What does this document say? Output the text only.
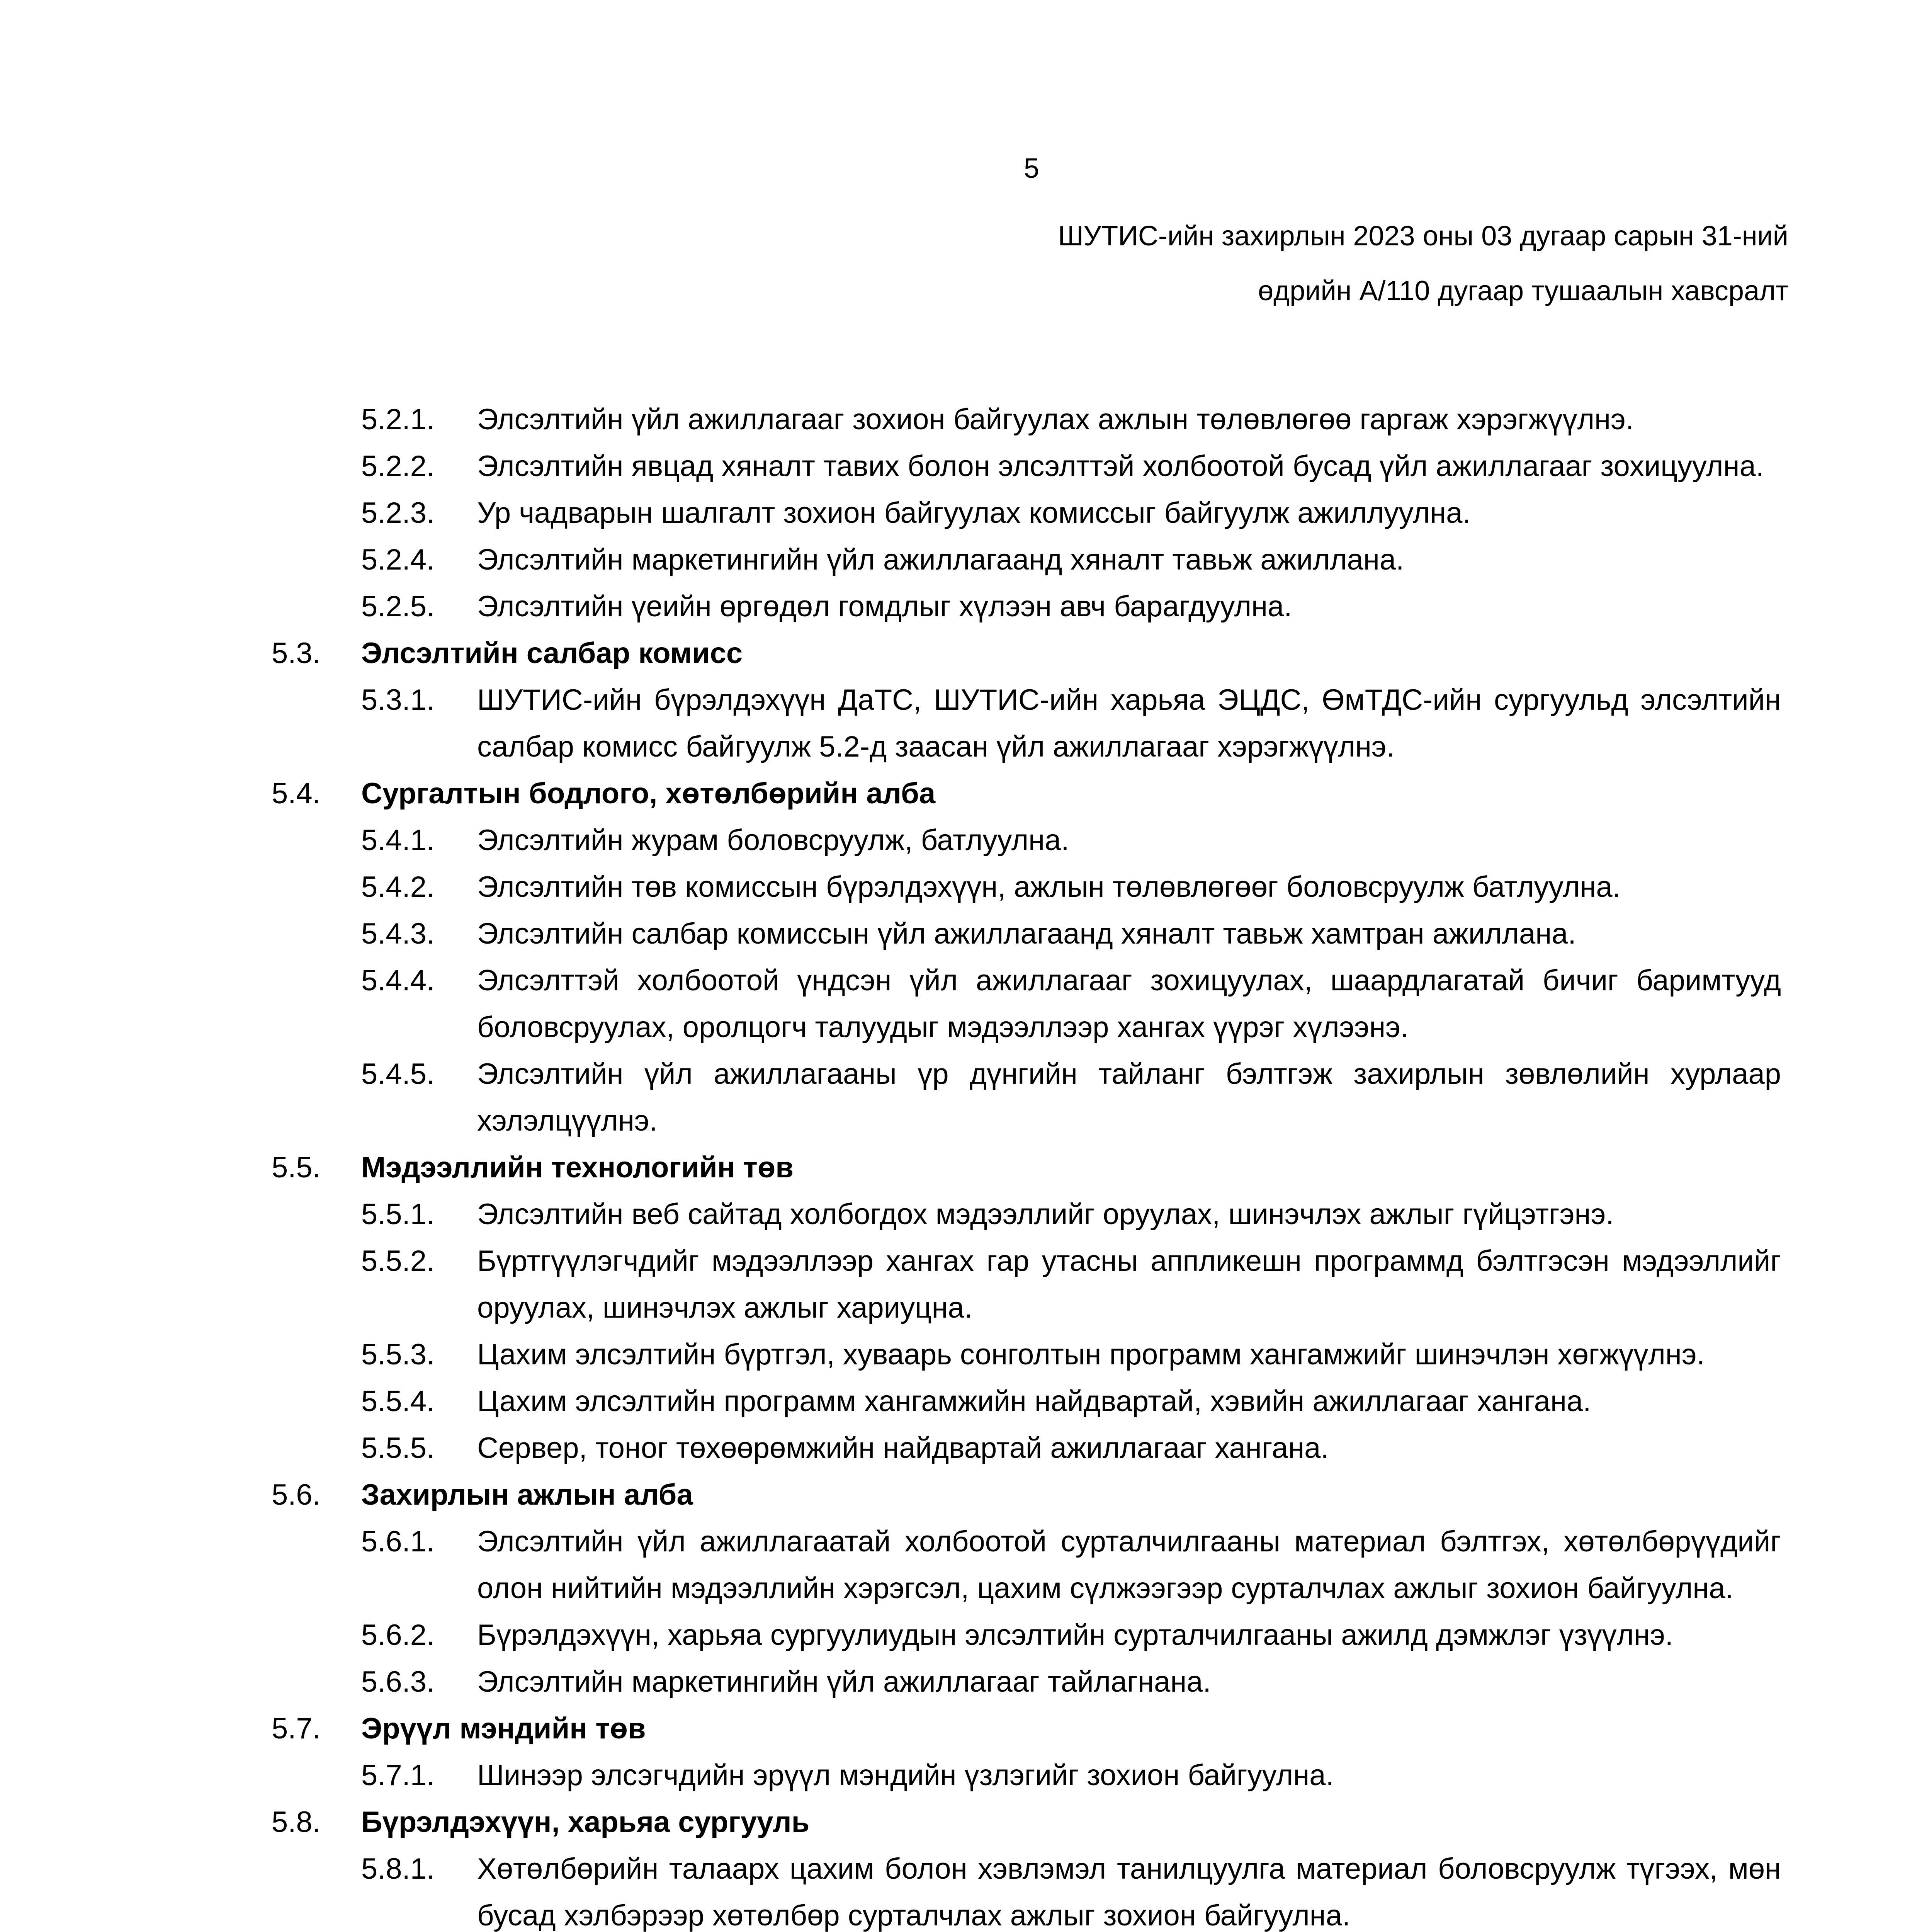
5
ШУТИС-ийн захирлын 2023 оны 03 дугаар сарын 31-ний
өдрийн А/110 дугаар тушаалын хавсралт
5.2.1. Элсэлтийн үйл ажиллагааг зохион байгуулах ажлын төлөвлөгөө гаргаж хэрэгжүүлнэ.
5.2.2. Элсэлтийн явцад хяналт тавих болон элсэлттэй холбоотой бусад үйл ажиллагааг зохицуулна.
5.2.3. Ур чадварын шалгалт зохион байгуулах комиссыг байгуулж ажиллуулна.
5.2.4. Элсэлтийн маркетингийн үйл ажиллагаанд хяналт тавьж ажиллана.
5.2.5. Элсэлтийн үеийн өргөдөл гомдлыг хүлээн авч барагдуулна.
5.3. Элсэлтийн салбар комисс
5.3.1. ШУТИС-ийн бүрэлдэхүүн ДаТС, ШУТИС-ийн харьяа ЭЦДС, ӨмТДС-ийн сургуульд элсэлтийн салбар комисс байгуулж 5.2-д заасан үйл ажиллагааг хэрэгжүүлнэ.
5.4. Сургалтын бодлого, хөтөлбөрийн алба
5.4.1. Элсэлтийн журам боловсруулж, батлуулна.
5.4.2. Элсэлтийн төв комиссын бүрэлдэхүүн, ажлын төлөвлөгөөг боловсруулж батлуулна.
5.4.3. Элсэлтийн салбар комиссын үйл ажиллагаанд хяналт тавьж хамтран ажиллана.
5.4.4. Элсэлттэй холбоотой үндсэн үйл ажиллагааг зохицуулах, шаардлагатай бичиг баримтууд боловсруулах, оролцогч талуудыг мэдээллээр хангах үүрэг хүлээнэ.
5.4.5. Элсэлтийн үйл ажиллагааны үр дүнгийн тайланг бэлтгэж захирлын зөвлөлийн хурлаар хэлэлцүүлнэ.
5.5. Мэдээллийн технологийн төв
5.5.1. Элсэлтийн веб сайтад холбогдох мэдээллийг оруулах, шинэчлэх ажлыг гүйцэтгэнэ.
5.5.2. Бүртгүүлэгчдийг мэдээллээр хангах гар утасны аппликешн программд бэлтгэсэн мэдээллийг оруулах, шинэчлэх ажлыг хариуцна.
5.5.3. Цахим элсэлтийн бүртгэл, хуваарь сонголтын программ хангамжийг шинэчлэн хөгжүүлнэ.
5.5.4. Цахим элсэлтийн программ хангамжийн найдвартай, хэвийн ажиллагааг хангана.
5.5.5. Сервер, тоног төхөөрөмжийн найдвартай ажиллагааг хангана.
5.6. Захирлын ажлын алба
5.6.1. Элсэлтийн үйл ажиллагаатай холбоотой сурталчилгааны материал бэлтгэх, хөтөлбөрүүдийг олон нийтийн мэдээллийн хэрэгсэл, цахим сүлжээгээр сурталчлах ажлыг зохион байгуулна.
5.6.2. Бүрэлдэхүүн, харьяа сургуулиудын элсэлтийн сурталчилгааны ажилд дэмжлэг үзүүлнэ.
5.6.3. Элсэлтийн маркетингийн үйл ажиллагааг тайлагнана.
5.7. Эрүүл мэндийн төв
5.7.1. Шинээр элсэгчдийн эрүүл мэндийн үзлэгийг зохион байгуулна.
5.8. Бүрэлдэхүүн, харьяа сургууль
5.8.1. Хөтөлбөрийн талаарх цахим болон хэвлэмэл танилцуулга материал боловсруулж түгээх, мөн бусад хэлбэрээр хөтөлбөр сурталчлах ажлыг зохион байгуулна.
